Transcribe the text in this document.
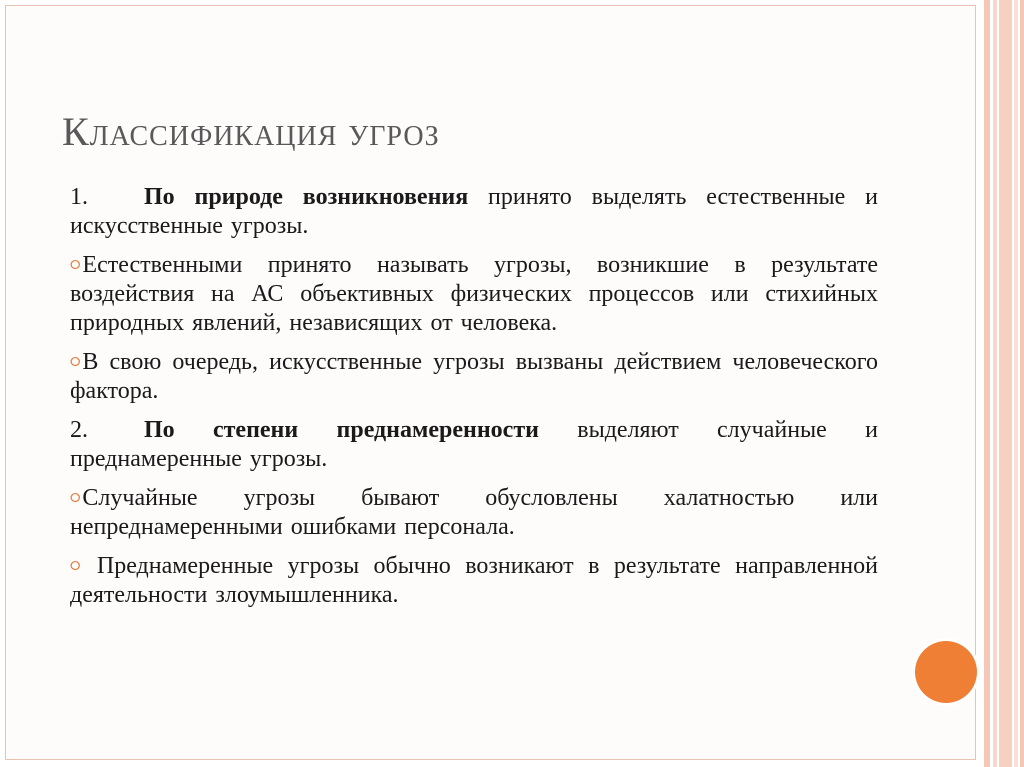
Классификация угроз

1. По природе возникновения принято выделять естественные и искусственные угрозы.

⭘Естественными принято называть угрозы, возникшие в результате воздействия на АС объективных физических процессов или стихийных природных явлений, независящих от человека.

⭘В свою очередь, искусственные угрозы вызваны действием человеческого фактора.

2. По степени преднамеренности выделяют случайные и преднамеренные угрозы.

⭘Случайные угрозы бывают обусловлены халатностью или непреднамеренными ошибками персонала.

⭘ Преднамеренные угрозы обычно возникают в результате направленной деятельности злоумышленника.
